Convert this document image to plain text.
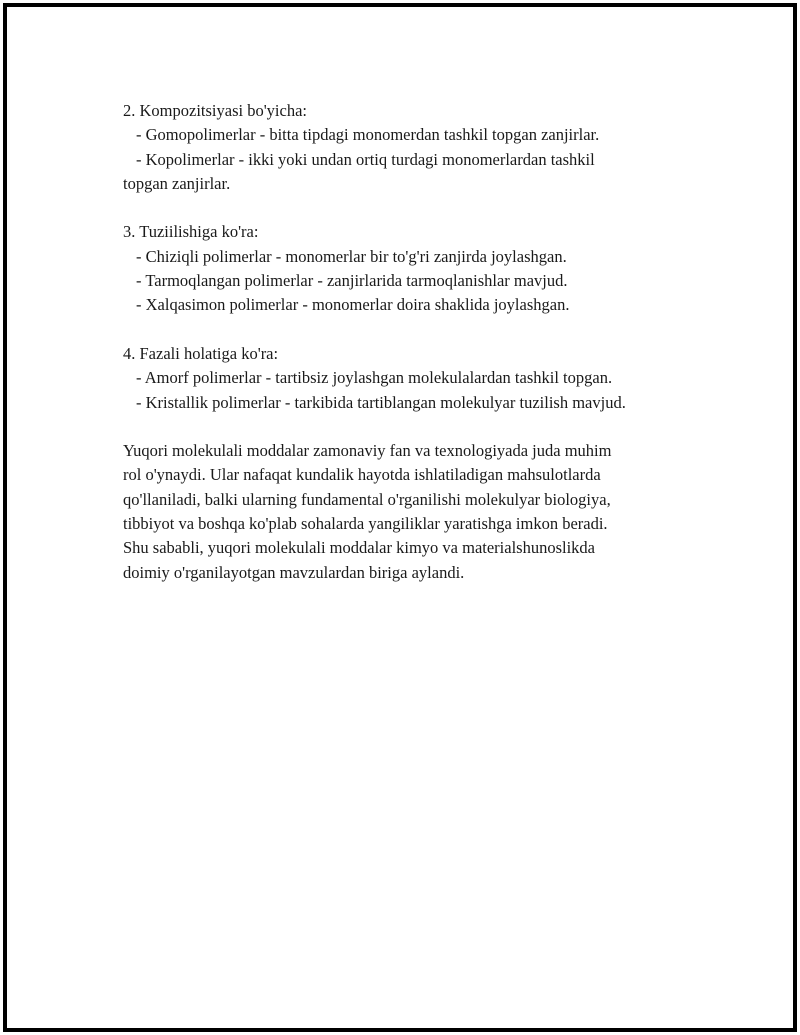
2. Kompozitsiyasi bo'yicha:
- Gomopolimerlar - bitta tipdagi monomerdan tashkil topgan zanjirlar.
- Kopolimerlar - ikki yoki undan ortiq turdagi monomerlardan tashkil
topgan zanjirlar.
3. Tuziilishiga ko'ra:
- Chiziqli polimerlar - monomerlar bir to'g'ri zanjirda joylashgan.
- Tarmoqlangan polimerlar - zanjirlarida tarmoqlanishlar mavjud.
- Xalqasimon polimerlar - monomerlar doira shaklida joylashgan.
4. Fazali holatiga ko'ra:
- Amorf polimerlar - tartibsiz joylashgan molekulalardan tashkil topgan.
- Kristallik polimerlar - tarkibida tartiblangan molekulyar tuzilish mavjud.
Yuqori molekulali moddalar zamonaviy fan va texnologiyada juda muhim
rol o'ynaydi. Ular nafaqat kundalik hayotda ishlatiladigan mahsulotlarda
qo'llaniladi, balki ularning fundamental o'rganilishi molekulyar biologiya,
tibbiyot va boshqa ko'plab sohalarda yangiliklar yaratishga imkon beradi.
Shu sababli, yuqori molekulali moddalar kimyo va materialshunoslikda
doimiy o'rganilayotgan mavzulardan biriga aylandi.
